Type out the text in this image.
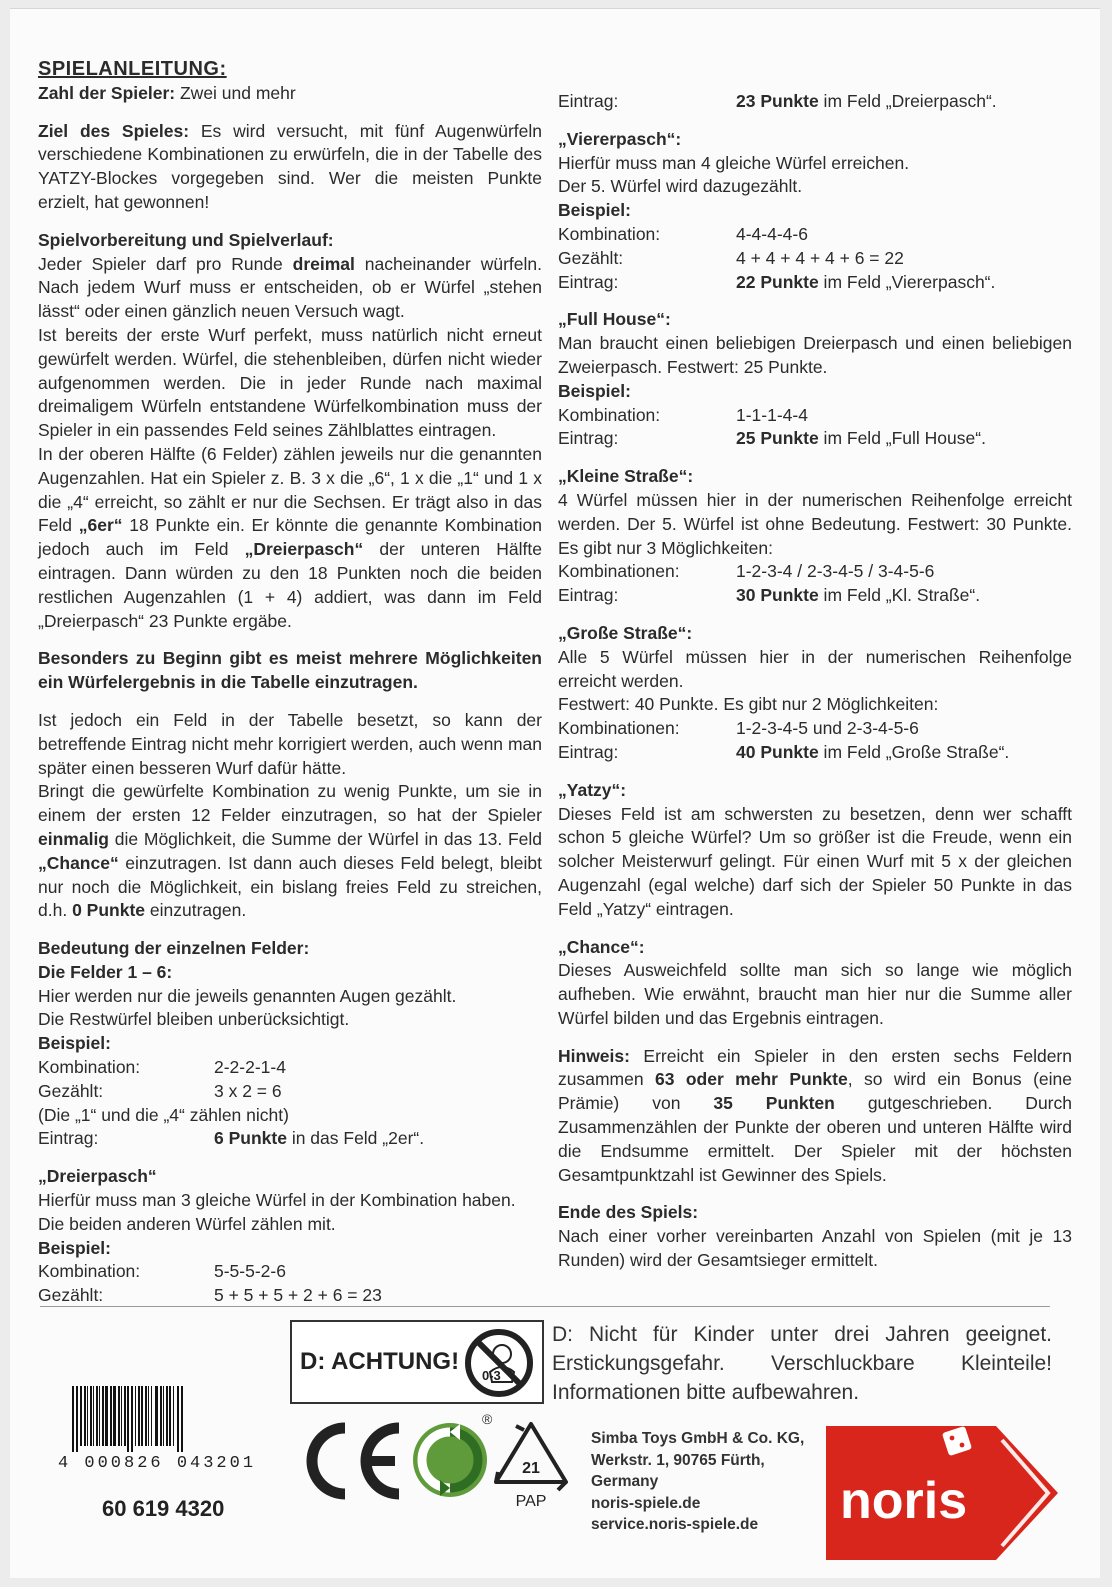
SPIELANLEITUNG:

Zahl der Spieler: Zwei und mehr

Ziel des Spieles: Es wird versucht, mit fünf Augenwürfeln verschiedene Kombinationen zu erwürfeln, die in der Tabelle des YATZY-Blockes vorgegeben sind. Wer die meisten Punkte erzielt, hat gewonnen!

Spielvorbereitung und Spielverlauf:

Jeder Spieler darf pro Runde dreimal nacheinander würfeln. Nach jedem Wurf muss er entscheiden, ob er Würfel „stehen lässt“ oder einen gänzlich neuen Versuch wagt.

Ist bereits der erste Wurf perfekt, muss natürlich nicht erneut gewürfelt werden. Würfel, die stehenbleiben, dürfen nicht wieder aufgenommen werden. Die in jeder Runde nach maximal dreimaligem Würfeln entstandene Würfelkombination muss der Spieler in ein passendes Feld seines Zählblattes eintragen.

In der oberen Hälfte (6 Felder) zählen jeweils nur die genannten Augenzahlen. Hat ein Spieler z. B. 3 x die „6“, 1 x die „1“ und 1 x die „4“ erreicht, so zählt er nur die Sechsen. Er trägt also in das Feld „6er“ 18 Punkte ein. Er könnte die genannte Kombination jedoch auch im Feld „Dreierpasch“ der unteren Hälfte eintragen. Dann würden zu den 18 Punkten noch die beiden restlichen Augenzahlen (1 + 4) addiert, was dann im Feld „Dreierpasch“ 23 Punkte ergäbe.

Besonders zu Beginn gibt es meist mehrere Möglichkeiten ein Würfelergebnis in die Tabelle einzutragen.

Ist jedoch ein Feld in der Tabelle besetzt, so kann der betreffende Eintrag nicht mehr korrigiert werden, auch wenn man später einen besseren Wurf dafür hätte.

Bringt die gewürfelte Kombination zu wenig Punkte, um sie in einem der ersten 12 Felder einzutragen, so hat der Spieler einmalig die Möglichkeit, die Summe der Würfel in das 13. Feld „Chance“ einzutragen. Ist dann auch dieses Feld belegt, bleibt nur noch die Möglichkeit, ein bislang freies Feld zu streichen, d.h. 0 Punkte einzutragen.

Bedeutung der einzelnen Felder:

Die Felder 1 – 6:

Hier werden nur die jeweils genannten Augen gezählt.

Die Restwürfel bleiben unberücksichtigt.

Beispiel:

Kombination:	2-2-2-1-4
Gezählt:	3 x 2 = 6

(Die „1“ und die „4“ zählen nicht)

Eintrag:	6 Punkte in das Feld „2er“.

„Dreierpasch“

Hierfür muss man 3 gleiche Würfel in der Kombination haben.

Die beiden anderen Würfel zählen mit.

Beispiel:

Kombination:	5-5-5-2-6
Gezählt:	5 + 5 + 5 + 2 + 6 = 23
Eintrag:	23 Punkte im Feld „Dreierpasch“.

„Viererpasch“:

Hierfür muss man 4 gleiche Würfel erreichen.

Der 5. Würfel wird dazugezählt.

Beispiel:

Kombination:	4-4-4-4-6
Gezählt:	4 + 4 + 4 + 4 + 6 = 22
Eintrag:	22 Punkte im Feld „Viererpasch“.

„Full House“:

Man braucht einen beliebigen Dreierpasch und einen beliebigen Zweierpasch. Festwert: 25 Punkte.

Beispiel:

Kombination:	1-1-1-4-4
Eintrag:	25 Punkte im Feld „Full House“.

„Kleine Straße“:

4 Würfel müssen hier in der numerischen Reihenfolge erreicht werden. Der 5. Würfel ist ohne Bedeutung. Festwert: 30 Punkte. Es gibt nur 3 Möglichkeiten:

Kombinationen:	1-2-3-4 / 2-3-4-5 / 3-4-5-6
Eintrag:	30 Punkte im Feld „Kl. Straße“.

„Große Straße“:

Alle 5 Würfel müssen hier in der numerischen Reihenfolge erreicht werden.

Festwert: 40 Punkte. Es gibt nur 2 Möglichkeiten:

Kombinationen:	1-2-3-4-5 und 2-3-4-5-6
Eintrag:	40 Punkte im Feld „Große Straße“.

„Yatzy“:

Dieses Feld ist am schwersten zu besetzen, denn wer schafft schon 5 gleiche Würfel? Um so größer ist die Freude, wenn ein solcher Meisterwurf gelingt. Für einen Wurf mit 5 x der gleichen Augenzahl (egal welche) darf sich der Spieler 50 Punkte in das Feld „Yatzy“ eintragen.

„Chance“:

Dieses Ausweichfeld sollte man sich so lange wie möglich aufheben. Wie erwähnt, braucht man hier nur die Summe aller Würfel bilden und das Ergebnis eintragen.

Hinweis: Erreicht ein Spieler in den ersten sechs Feldern zusammen 63 oder mehr Punkte, so wird ein Bonus (eine Prämie) von 35 Punkten gutgeschrieben. Durch Zusammenzählen der Punkte der oberen und unteren Hälfte wird die Endsumme ermittelt. Der Spieler mit der höchsten Gesamtpunktzahl ist Gewinner des Spiels.

Ende des Spiels:

Nach einer vorher vereinbarten Anzahl von Spielen (mit je 13 Runden) wird der Gesamtsieger ermittelt.

D: ACHTUNG!
0-3
D: Nicht für Kinder unter drei Jahren geeignet.
Erstickungsgefahr. Verschluckbare Kleinteile!
Informationen bitte aufbewahren.
4 000826 043201
60 619 4320
®
21
PAP
Simba Toys GmbH & Co. KG,
Werkstr. 1, 90765 Fürth,
Germany
noris-spiele.de
service.noris-spiele.de	noris
